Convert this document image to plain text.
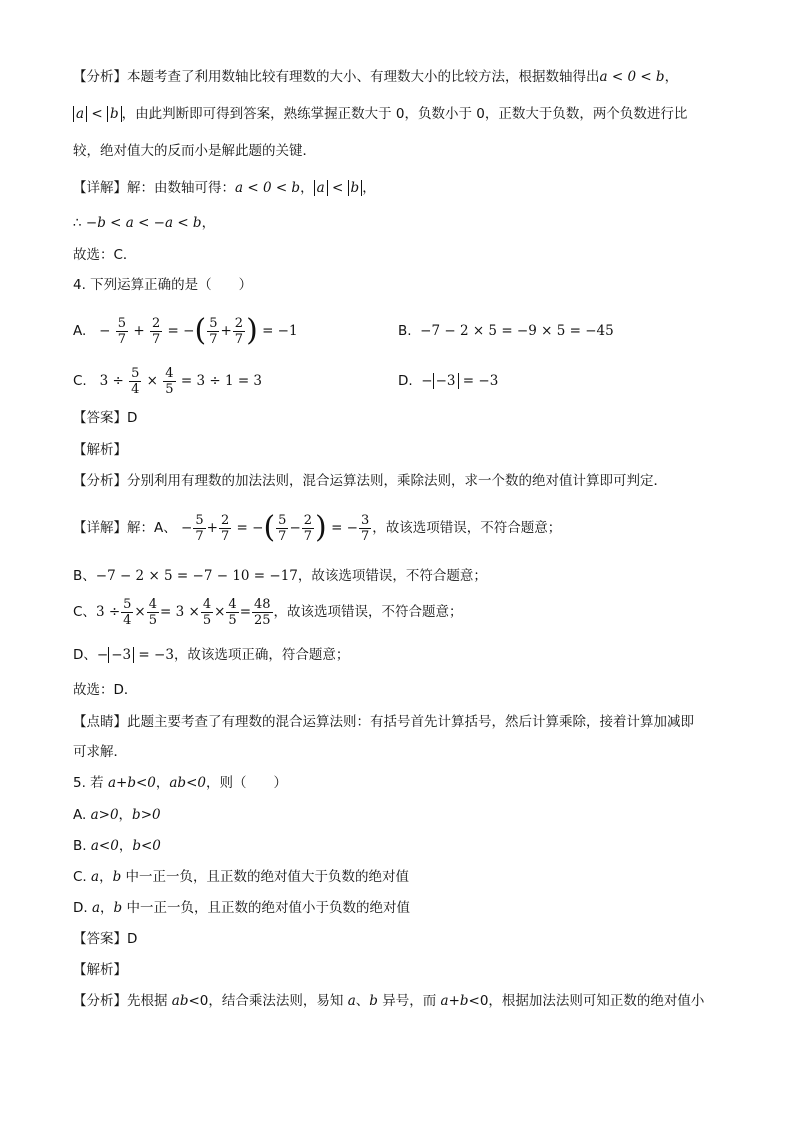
【分析】本题考查了利用数轴比较有理数的大小、有理数大小的比较方法，根据数轴得出a < 0 < b，
a < b ，由此判断即可得到答案，熟练掌握正数大于 0，负数小于 0，正数大于负数，两个负数进行比
较，绝对值大的反而小是解此题的关键．
【详解】解：由数轴可得：a < 0 < b， a < b ，
∴ −b < a < −a < b，
故选：C．
4. 下列运算正确的是（　　）
A. − $\frac{5}{7} + \frac{2}{7}$ = −( $\frac{5}{7} + \frac{2}{7}$ ) = −1	B. −7 − 2 × 5 = −9 × 5 = −45
C. $3 \div \frac{5}{4} \times \frac{4}{5} = 3 \div 1 = 3$	D. − −3 = −3
【答案】D
【解析】
【分析】分别利用有理数的加法法则，混合运算法则，乘除法则，求一个数的绝对值计算即可判定．
【详解】解：A、 − $\frac{5}{7} + \frac{2}{7}$ = −( $\frac{5}{7} - \frac{2}{7}$ ) = − $\frac{3}{7}$ ，故该选项错误，不符合题意；
B、−7 − 2 × 5 = −7 − 10 = −17，故该选项错误，不符合题意；
C、$3 \div \frac{5}{4} \times \frac{4}{5} = 3 \times \frac{4}{5} \times \frac{4}{5} = \frac{48}{25}$ ，故该选项错误，不符合题意；
D、− −3 = −3，故该选项正确，符合题意；
故选：D．
【点睛】此题主要考查了有理数的混合运算法则：有括号首先计算括号，然后计算乘除，接着计算加减即
可求解．
5. 若 a+b<0，ab<0，则（　　）
A. a>0，b>0
B. a<0，b<0
C. a，b 中一正一负，且正数的绝对值大于负数的绝对值
D. a，b 中一正一负，且正数的绝对值小于负数的绝对值
【答案】D
【解析】
【分析】先根据 ab<0，结合乘法法则，易知 a、b 异号，而 a+b<0，根据加法法则可知正数的绝对值小
